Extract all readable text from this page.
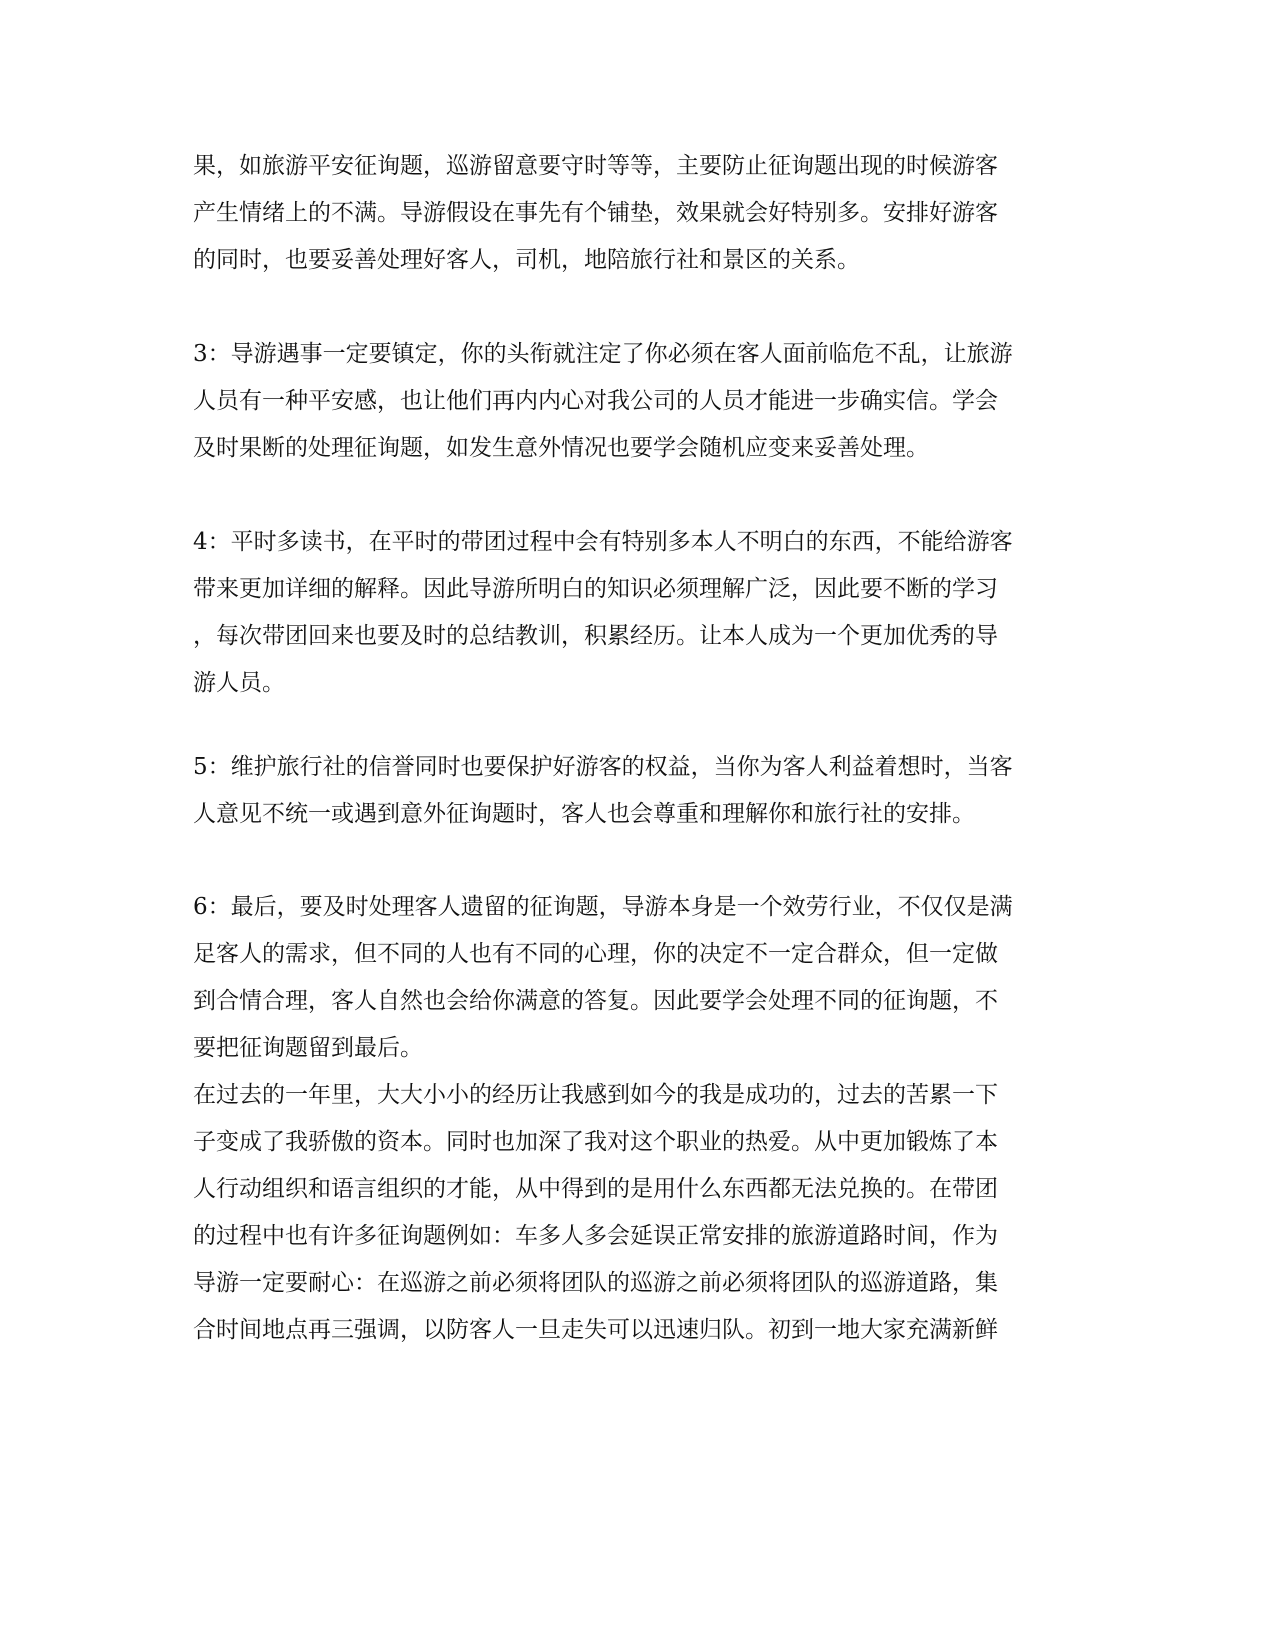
果，如旅游平安征询题，巡游留意要守时等等，主要防止征询题出现的时候游客
产生情绪上的不满。导游假设在事先有个铺垫，效果就会好特别多。安排好游客
的同时，也要妥善处理好客人，司机，地陪旅行社和景区的关系。
3：导游遇事一定要镇定，你的头衔就注定了你必须在客人面前临危不乱，让旅游
人员有一种平安感，也让他们再内内心对我公司的人员才能进一步确实信。学会
及时果断的处理征询题，如发生意外情况也要学会随机应变来妥善处理。
4：平时多读书，在平时的带团过程中会有特别多本人不明白的东西，不能给游客
带来更加详细的解释。因此导游所明白的知识必须理解广泛，因此要不断的学习
，每次带团回来也要及时的总结教训，积累经历。让本人成为一个更加优秀的导
游人员。
5：维护旅行社的信誉同时也要保护好游客的权益，当你为客人利益着想时，当客
人意见不统一或遇到意外征询题时，客人也会尊重和理解你和旅行社的安排。
6：最后，要及时处理客人遗留的征询题，导游本身是一个效劳行业，不仅仅是满
足客人的需求，但不同的人也有不同的心理，你的决定不一定合群众，但一定做
到合情合理，客人自然也会给你满意的答复。因此要学会处理不同的征询题，不
要把征询题留到最后。
在过去的一年里，大大小小的经历让我感到如今的我是成功的，过去的苦累一下
子变成了我骄傲的资本。同时也加深了我对这个职业的热爱。从中更加锻炼了本
人行动组织和语言组织的才能，从中得到的是用什么东西都无法兑换的。在带团
的过程中也有许多征询题例如：车多人多会延误正常安排的旅游道路时间，作为
导游一定要耐心：在巡游之前必须将团队的巡游之前必须将团队的巡游道路，集
合时间地点再三强调，以防客人一旦走失可以迅速归队。初到一地大家充满新鲜
